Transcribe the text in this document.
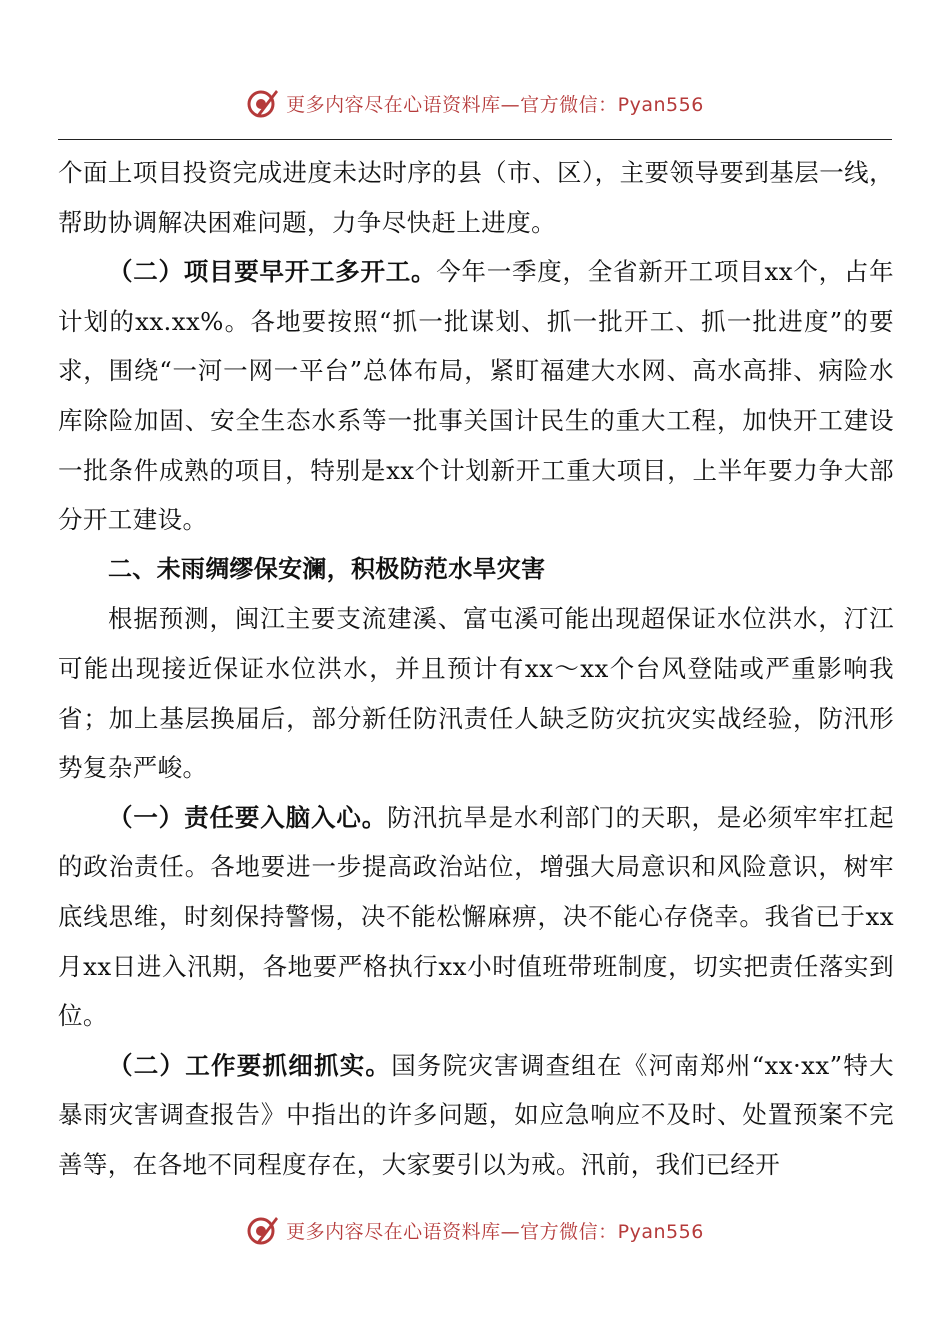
更多内容尽在心语资料库—官方微信：Pyan556

个面上项目投资完成进度未达时序的县（市、区），主要领导要到基层一线，帮助协调解决困难问题，力争尽快赶上进度。

（二）项目要早开工多开工。今年一季度，全省新开工项目xx个，占年计划的xx.xx%。各地要按照“抓一批谋划、抓一批开工、抓一批进度”的要求，围绕“一河一网一平台”总体布局，紧盯福建大水网、高水高排、病险水库除险加固、安全生态水系等一批事关国计民生的重大工程，加快开工建设一批条件成熟的项目，特别是xx个计划新开工重大项目，上半年要力争大部分开工建设。

二、未雨绸缪保安澜，积极防范水旱灾害

根据预测，闽江主要支流建溪、富屯溪可能出现超保证水位洪水，汀江可能出现接近保证水位洪水，并且预计有xx～xx个台风登陆或严重影响我省；加上基层换届后，部分新任防汛责任人缺乏防灾抗灾实战经验，防汛形势复杂严峻。

（一）责任要入脑入心。防汛抗旱是水利部门的天职，是必须牢牢扛起的政治责任。各地要进一步提高政治站位，增强大局意识和风险意识，树牢底线思维，时刻保持警惕，决不能松懈麻痹，决不能心存侥幸。我省已于xx月xx日进入汛期，各地要严格执行xx小时值班带班制度，切实把责任落实到位。

（二）工作要抓细抓实。国务院灾害调查组在《河南郑州“xx·xx”特大暴雨灾害调查报告》中指出的许多问题，如应急响应不及时、处置预案不完善等，在各地不同程度存在，大家要引以为戒。汛前，我们已经开

更多内容尽在心语资料库—官方微信：Pyan556
